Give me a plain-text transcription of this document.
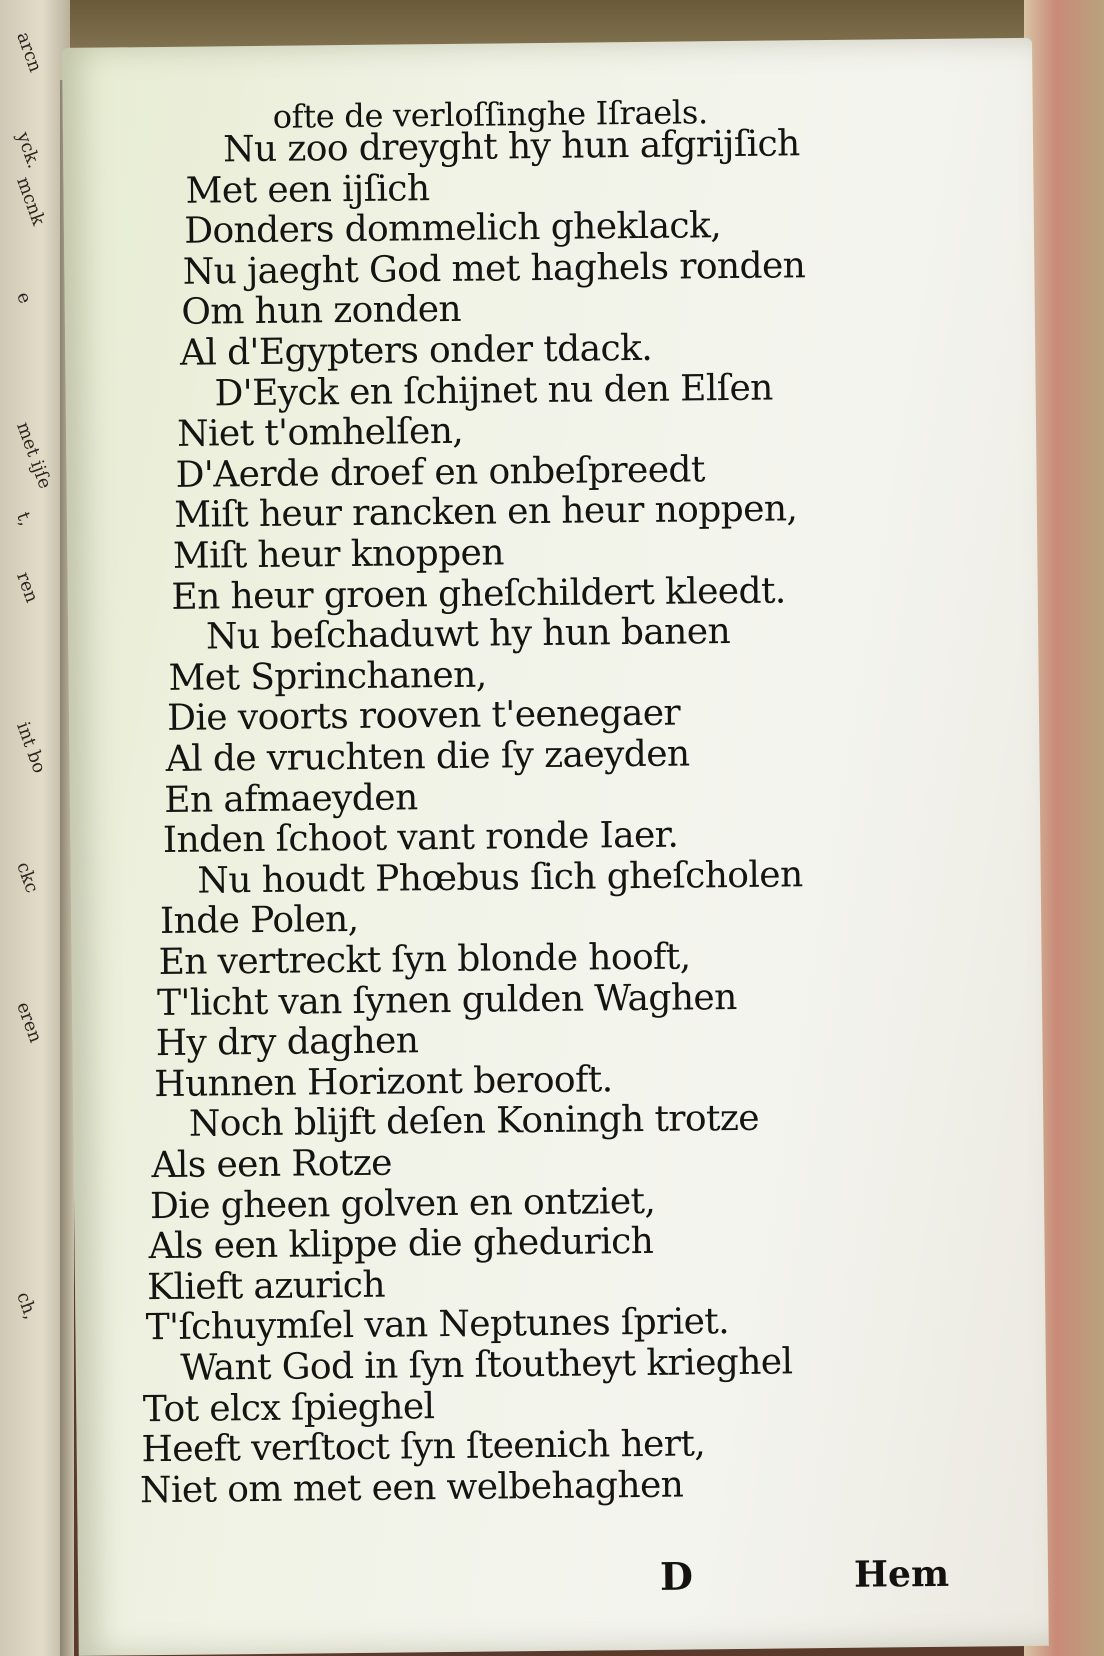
arcn
yck.
mcnk
e
met ijſe
t,
ren
int bo
ckc
eren
ch,
ofte de verloſſinghe Iſraels.
Nu zoo dreyght hy hun afgrijſich
Met een ijſich
Donders dommelich gheklack,
Nu jaeght God met haghels ronden
Om hun zonden
Al d'Egypters onder tdack.
D'Eyck en ſchijnet nu den Elſen
Niet t'omhelſen,
D'Aerde droef en onbeſpreedt
Miſt heur rancken en heur noppen,
Miſt heur knoppen
En heur groen gheſchildert kleedt.
Nu beſchaduwt hy hun banen
Met Sprinchanen,
Die voorts rooven t'eenegaer
Al de vruchten die ſy zaeyden
En afmaeyden
Inden ſchoot vant ronde Iaer.
Nu houdt Phœbus ſich gheſcholen
Inde Polen,
En vertreckt ſyn blonde hooft,
T'licht van ſynen gulden Waghen
Hy dry daghen
Hunnen Horizont berooft.
Noch blijft deſen Koningh trotze
Als een Rotze
Die gheen golven en ontziet,
Als een klippe die ghedurich
Klieft azurich
T'ſchuymſel van Neptunes ſpriet.
Want God in ſyn ſtoutheyt krieghel
Tot elcx ſpieghel
Heeft verſtoct ſyn ſteenich hert,
Niet om met een welbehaghen
D	Hem
